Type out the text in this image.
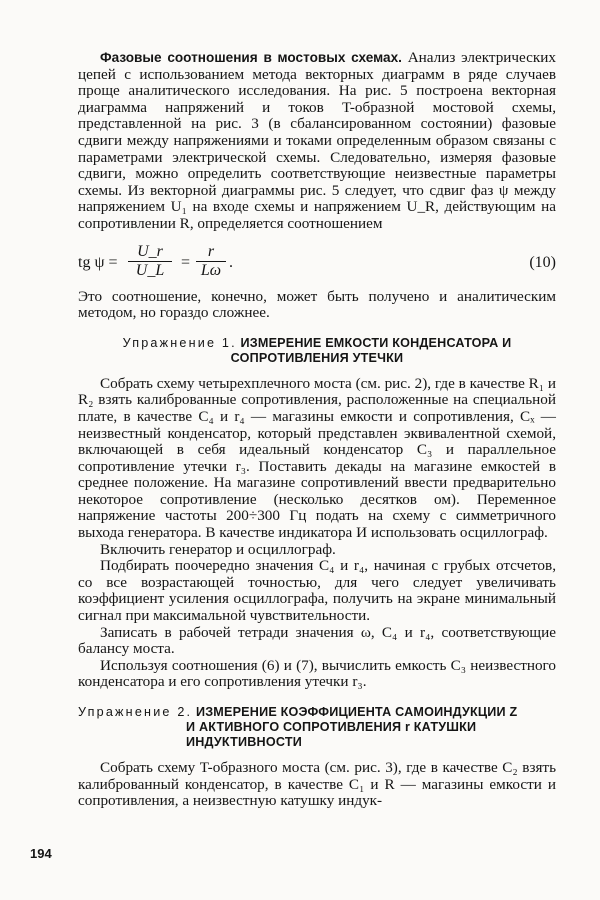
Фазовые соотношения в мостовых схемах. Анализ электрических цепей с использованием метода векторных диаграмм в ряде случаев проще аналитического исследования. На рис. 5 построена векторная диаграмма напряжений и токов T-образной мостовой схемы, представленной на рис. 3 (в сбалансированном состоянии) фазовые сдвиги между напряжениями и токами определенным образом связаны с параметрами электрической схемы. Следовательно, измеряя фазовые сдвиги, можно определить соответствующие неизвестные параметры схемы. Из векторной диаграммы рис. 5 следует, что сдвиг фаз ψ между напряжением U₁ на входе схемы и напряжением U_R, действующим на сопротивлении R, определяется соотношением

tg $\psi = \frac{U\_r}{U\_L} = \frac{r}{L\omega}$ .	(10)

Это соотношение, конечно, может быть получено и аналитическим методом, но гораздо сложнее.

Упражнение 1. ИЗМЕРЕНИЕ ЕМКОСТИ КОНДЕНСАТОРА И СОПРОТИВЛЕНИЯ УТЕЧКИ

Собрать схему четырехплечного моста (см. рис. 2), где в качестве R₁ и R₂ взять калиброванные сопротивления, расположенные на специальной плате, в качестве C₄ и r₄ — магазины емкости и сопротивления, Cₓ — неизвестный конденсатор, который представлен эквивалентной схемой, включающей в себя идеальный конденсатор C₃ и параллельное сопротивление утечки r₃. Поставить декады на магазине емкостей в среднее положение. На магазине сопротивлений ввести предварительно некоторое сопротивление (несколько десятков ом). Переменное напряжение частоты 200÷300 Гц подать на схему с симметричного выхода генератора. В качестве индикатора И использовать осциллограф.

Включить генератор и осциллограф.

Подбирать поочередно значения C₄ и r₄, начиная с грубых отсчетов, со все возрастающей точностью, для чего следует увеличивать коэффициент усиления осциллографа, получить на экране минимальный сигнал при максимальной чувствительности.

Записать в рабочей тетради значения ω, C₄ и r₄, соответствующие балансу моста.

Используя соотношения (6) и (7), вычислить емкость C₃ неизвестного конденсатора и его сопротивления утечки r₃.

Упражнение 2. ИЗМЕРЕНИЕ КОЭФФИЦИЕНТА САМОИНДУКЦИИ Z
И АКТИВНОГО СОПРОТИВЛЕНИЯ r КАТУШКИ
ИНДУКТИВНОСТИ

Собрать схему T-образного моста (см. рис. 3), где в качестве C₂ взять калиброванный конденсатор, в качестве C₁ и R — магазины емкости и сопротивления, а неизвестную катушку индук-

194
